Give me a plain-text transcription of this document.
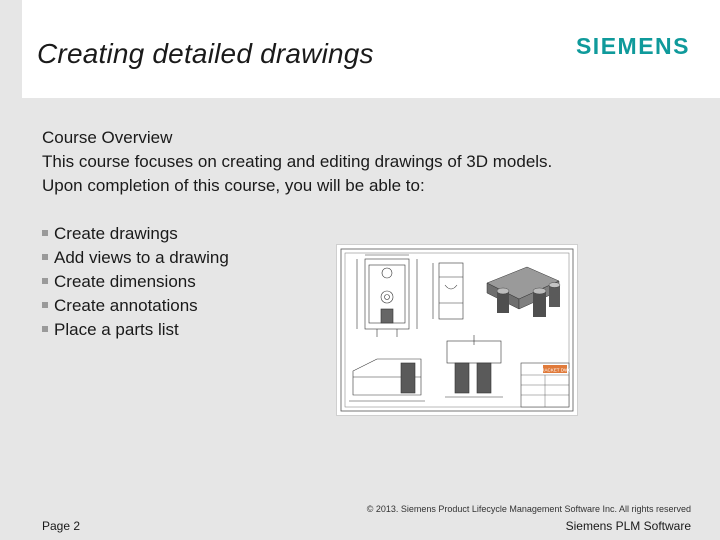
Creating detailed drawings	SIEMENS
Course Overview
This course focuses on creating and editing drawings of 3D models.
Upon completion of this course, you will be able to:
Create drawings
Add views to a drawing
Create dimensions
Create annotations
Place a parts list
BRACKET DWG
© 2013. Siemens Product Lifecycle Management Software Inc. All rights reserved
Page 2	Siemens PLM Software
